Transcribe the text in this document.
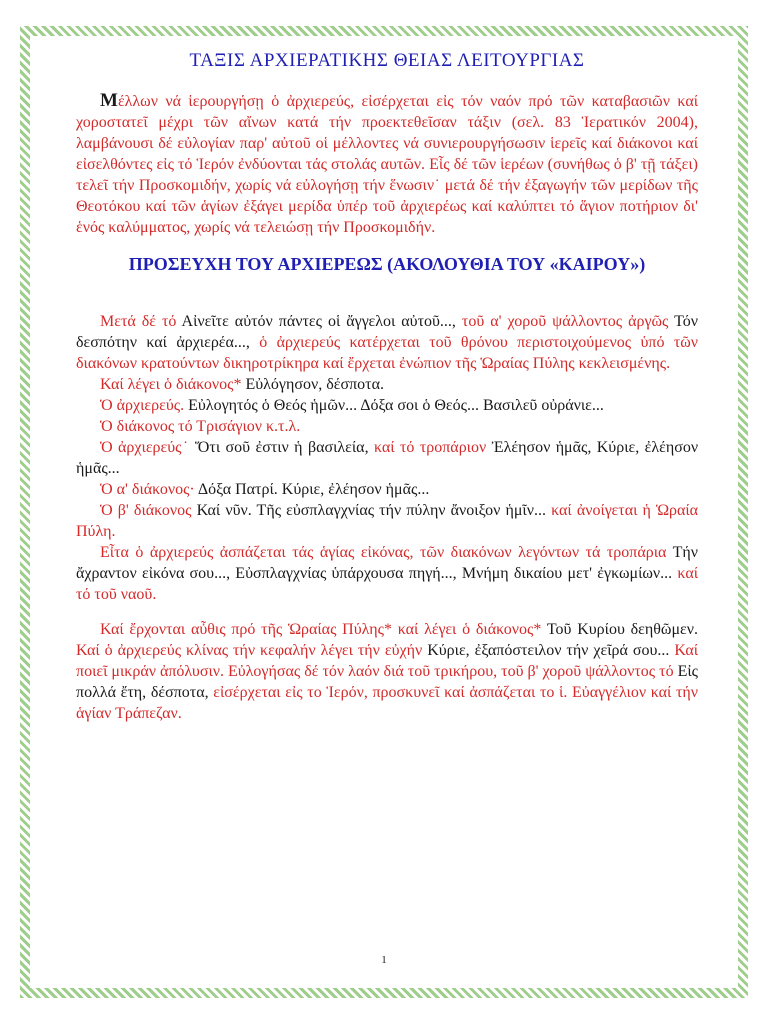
ΤΑΞΙΣ ΑΡΧΙΕΡΑΤΙΚΗΣ ΘΕΙΑΣ ΛΕΙΤΟΥΡΓΙΑΣ

Μέλλων νά ἱερουργήσῃ ὁ ἀρχιερεύς, εἰσέρχεται εἰς τόν ναόν πρό τῶν καταβασιῶν καί χοροστατεῖ μέχρι τῶν αἴνων κατά τήν προεκτεθεῖσαν τάξιν (σελ. 83 Ἱερατικόν 2004), λαμβάνουσι δέ εὐλογίαν παρ' αὐτοῦ οἱ μέλλοντες νά συνιερουργήσωσιν ἱερεῖς καί διάκονοι καί εἰσελθόντες εἰς τό Ἱερόν ἐνδύονται τάς στολάς αυτῶν. Εἷς δέ τῶν ἱερέων (συνήθως ὁ β' τῇ τάξει) τελεῖ τήν Προσκομιδήν, χωρίς νά εὐλογήσῃ τήν ἕνωσιν˙ μετά δέ τήν ἐξαγωγήν τῶν μερίδων τῆς Θεοτόκου καί τῶν ἁγίων ἐξάγει μερίδα ὑπέρ τοῦ ἀρχιερέως καί καλύπτει τό ἅγιον ποτήριον δι' ἑνός καλύμματος, χωρίς νά τελειώσῃ τήν Προσκομιδήν.

ΠΡΟΣΕΥΧΗ ΤΟΥ ΑΡΧΙΕΡΕΩΣ (ΑΚΟΛΟΥΘΙΑ ΤΟΥ «ΚΑΙΡΟΥ»)

Μετά δέ τό Αἰνεῖτε αὐτόν πάντες οἱ ἄγγελοι αὐτοῦ..., τοῦ α' χοροῦ ψάλλοντος ἀργῶς Τόν δεσπότην καί ἀρχιερέα..., ὁ ἀρχιερεύς κατέρχεται τοῦ θρόνου περιστοιχούμενος ὑπό τῶν διακόνων κρατούντων δικηροτρίκηρα καί ἔρχεται ἐνώπιον τῆς Ὡραίας Πύλης κεκλεισμένης.

Καί λέγει ὁ διάκονος* Εὐλόγησον, δέσποτα.

Ὁ ἀρχιερεύς. Εὐλογητός ὁ Θεός ἡμῶν... Δόξα σοι ὁ Θεός... Βασιλεῦ οὐράνιε...

Ὁ διάκονος τό Τρισάγιον κ.τ.λ.

Ὁ ἀρχιερεύς˙ Ὅτι σοῦ ἐστιν ἡ βασιλεία, καί τό τροπάριον Ἐλέησον ἡμᾶς, Κύριε, ἐλέησον ἡμᾶς...

Ὁ α' διάκονος· Δόξα Πατρί. Κύριε, ἐλέησον ἡμᾶς...

Ὁ β' διάκονος Καί νῦν. Τῆς εὐσπλαγχνίας τήν πύλην ἄνοιξον ἡμῖν... καί ἀνοίγεται ἡ Ὡραία Πύλη.

Εἶτα ὁ ἀρχιερεύς ἀσπάζεται τάς ἁγίας εἰκόνας, τῶν διακόνων λεγόντων τά τροπάρια Τήν ἄχραντον εἰκόνα σου..., Εὐσπλαγχνίας ὑπάρχουσα πηγή..., Μνήμη δικαίου μετ' ἐγκωμίων... καί τό τοῦ ναοῦ.

Καί ἔρχονται αὖθις πρό τῆς Ὡραίας Πύλης* καί λέγει ὁ διάκονος* Τοῦ Κυρίου δεηθῶμεν. Καί ὁ ἀρχιερεύς κλίνας τήν κεφαλήν λέγει τήν εὐχήν Κύριε, ἐξαπόστειλον τήν χεῖρά σου... Καί ποιεῖ μικράν ἀπόλυσιν. Εὐλογήσας δέ τόν λαόν διά τοῦ τρικήρου, τοῦ β' χοροῦ ψάλλοντος τό Εἰς πολλά ἔτη, δέσποτα, εἰσέρχεται εἰς το Ἱερόν, προσκυνεῖ καί ἀσπάζεται το ἱ. Εὐαγγέλιον καί τήν ἁγίαν Τράπεζαν.

1
